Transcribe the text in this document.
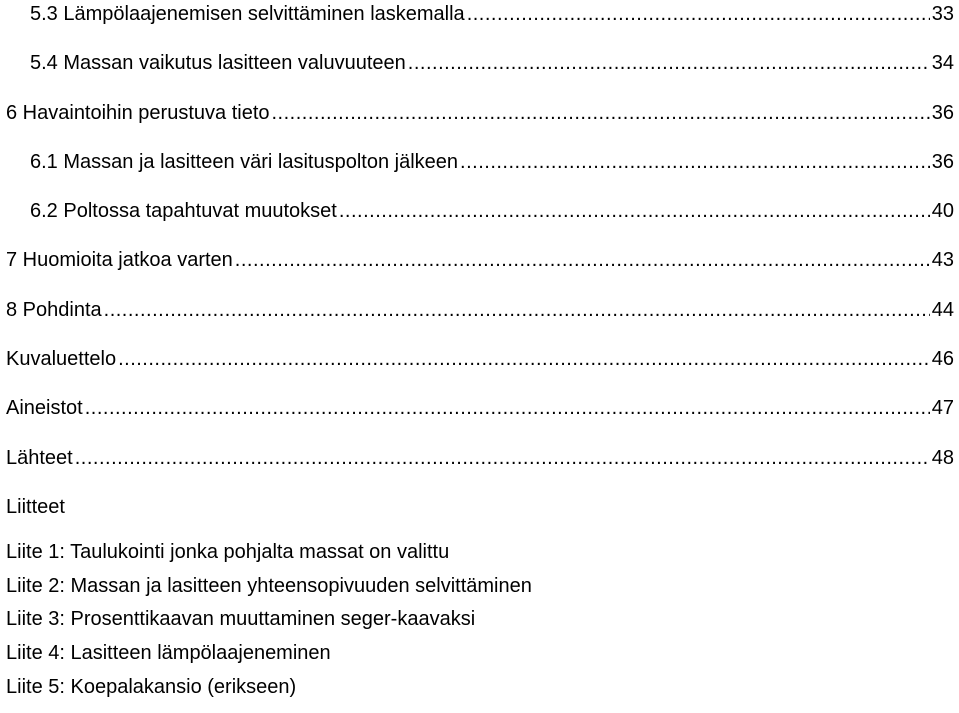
5.3 Lämpölaajenemisen selvittäminen laskemalla .....	33
5.4 Massan vaikutus lasitteen valuvuuteen .....	34
6 Havaintoihin perustuva tieto .....	36
6.1 Massan ja lasitteen väri lasituspolton jälkeen .....	36
6.2 Poltossa tapahtuvat muutokset .....	40
7 Huomioita jatkoa varten .....	43
8 Pohdinta .....	44
Kuvaluettelo .....	46
Aineistot .....	47
Lähteet .....	48
Liitteet
Liite 1: Taulukointi jonka pohjalta massat on valittu
Liite 2: Massan ja lasitteen yhteensopivuuden selvittäminen
Liite 3: Prosenttikaavan muuttaminen seger-kaavaksi
Liite 4: Lasitteen lämpölaajeneminen
Liite 5: Koepalakansio (erikseen)
